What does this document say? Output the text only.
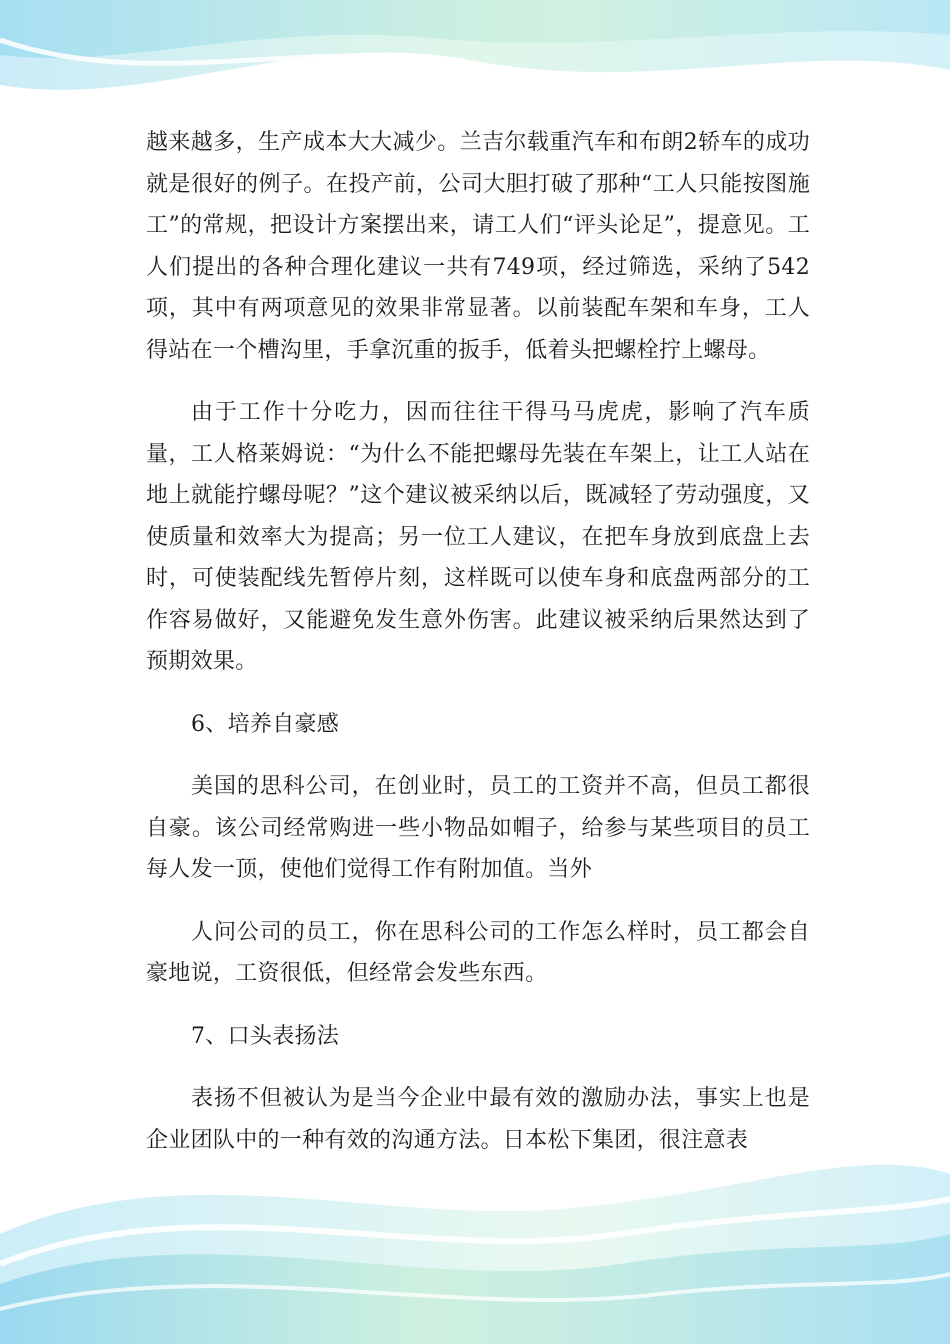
越来越多，生产成本大大减少。兰吉尔载重汽车和布朗2轿车的成功就是很好的例子。在投产前，公司大胆打破了那种“工人只能按图施工”的常规，把设计方案摆出来，请工人们“评头论足”，提意见。工人们提出的各种合理化建议一共有749项，经过筛选，采纳了542项，其中有两项意见的效果非常显著。以前装配车架和车身，工人得站在一个槽沟里，手拿沉重的扳手，低着头把螺栓拧上螺母。

由于工作十分吃力，因而往往干得马马虎虎，影响了汽车质量，工人格莱姆说：“为什么不能把螺母先装在车架上，让工人站在地上就能拧螺母呢？”这个建议被采纳以后，既减轻了劳动强度，又使质量和效率大为提高；另一位工人建议，在把车身放到底盘上去时，可使装配线先暂停片刻，这样既可以使车身和底盘两部分的工作容易做好，又能避免发生意外伤害。此建议被采纳后果然达到了预期效果。

6、培养自豪感

美国的思科公司，在创业时，员工的工资并不高，但员工都很自豪。该公司经常购进一些小物品如帽子，给参与某些项目的员工每人发一顶，使他们觉得工作有附加值。当外

人问公司的员工，你在思科公司的工作怎么样时，员工都会自豪地说，工资很低，但经常会发些东西。

7、口头表扬法

表扬不但被认为是当今企业中最有效的激励办法，事实上也是企业团队中的一种有效的沟通方法。日本松下集团，很注意表
